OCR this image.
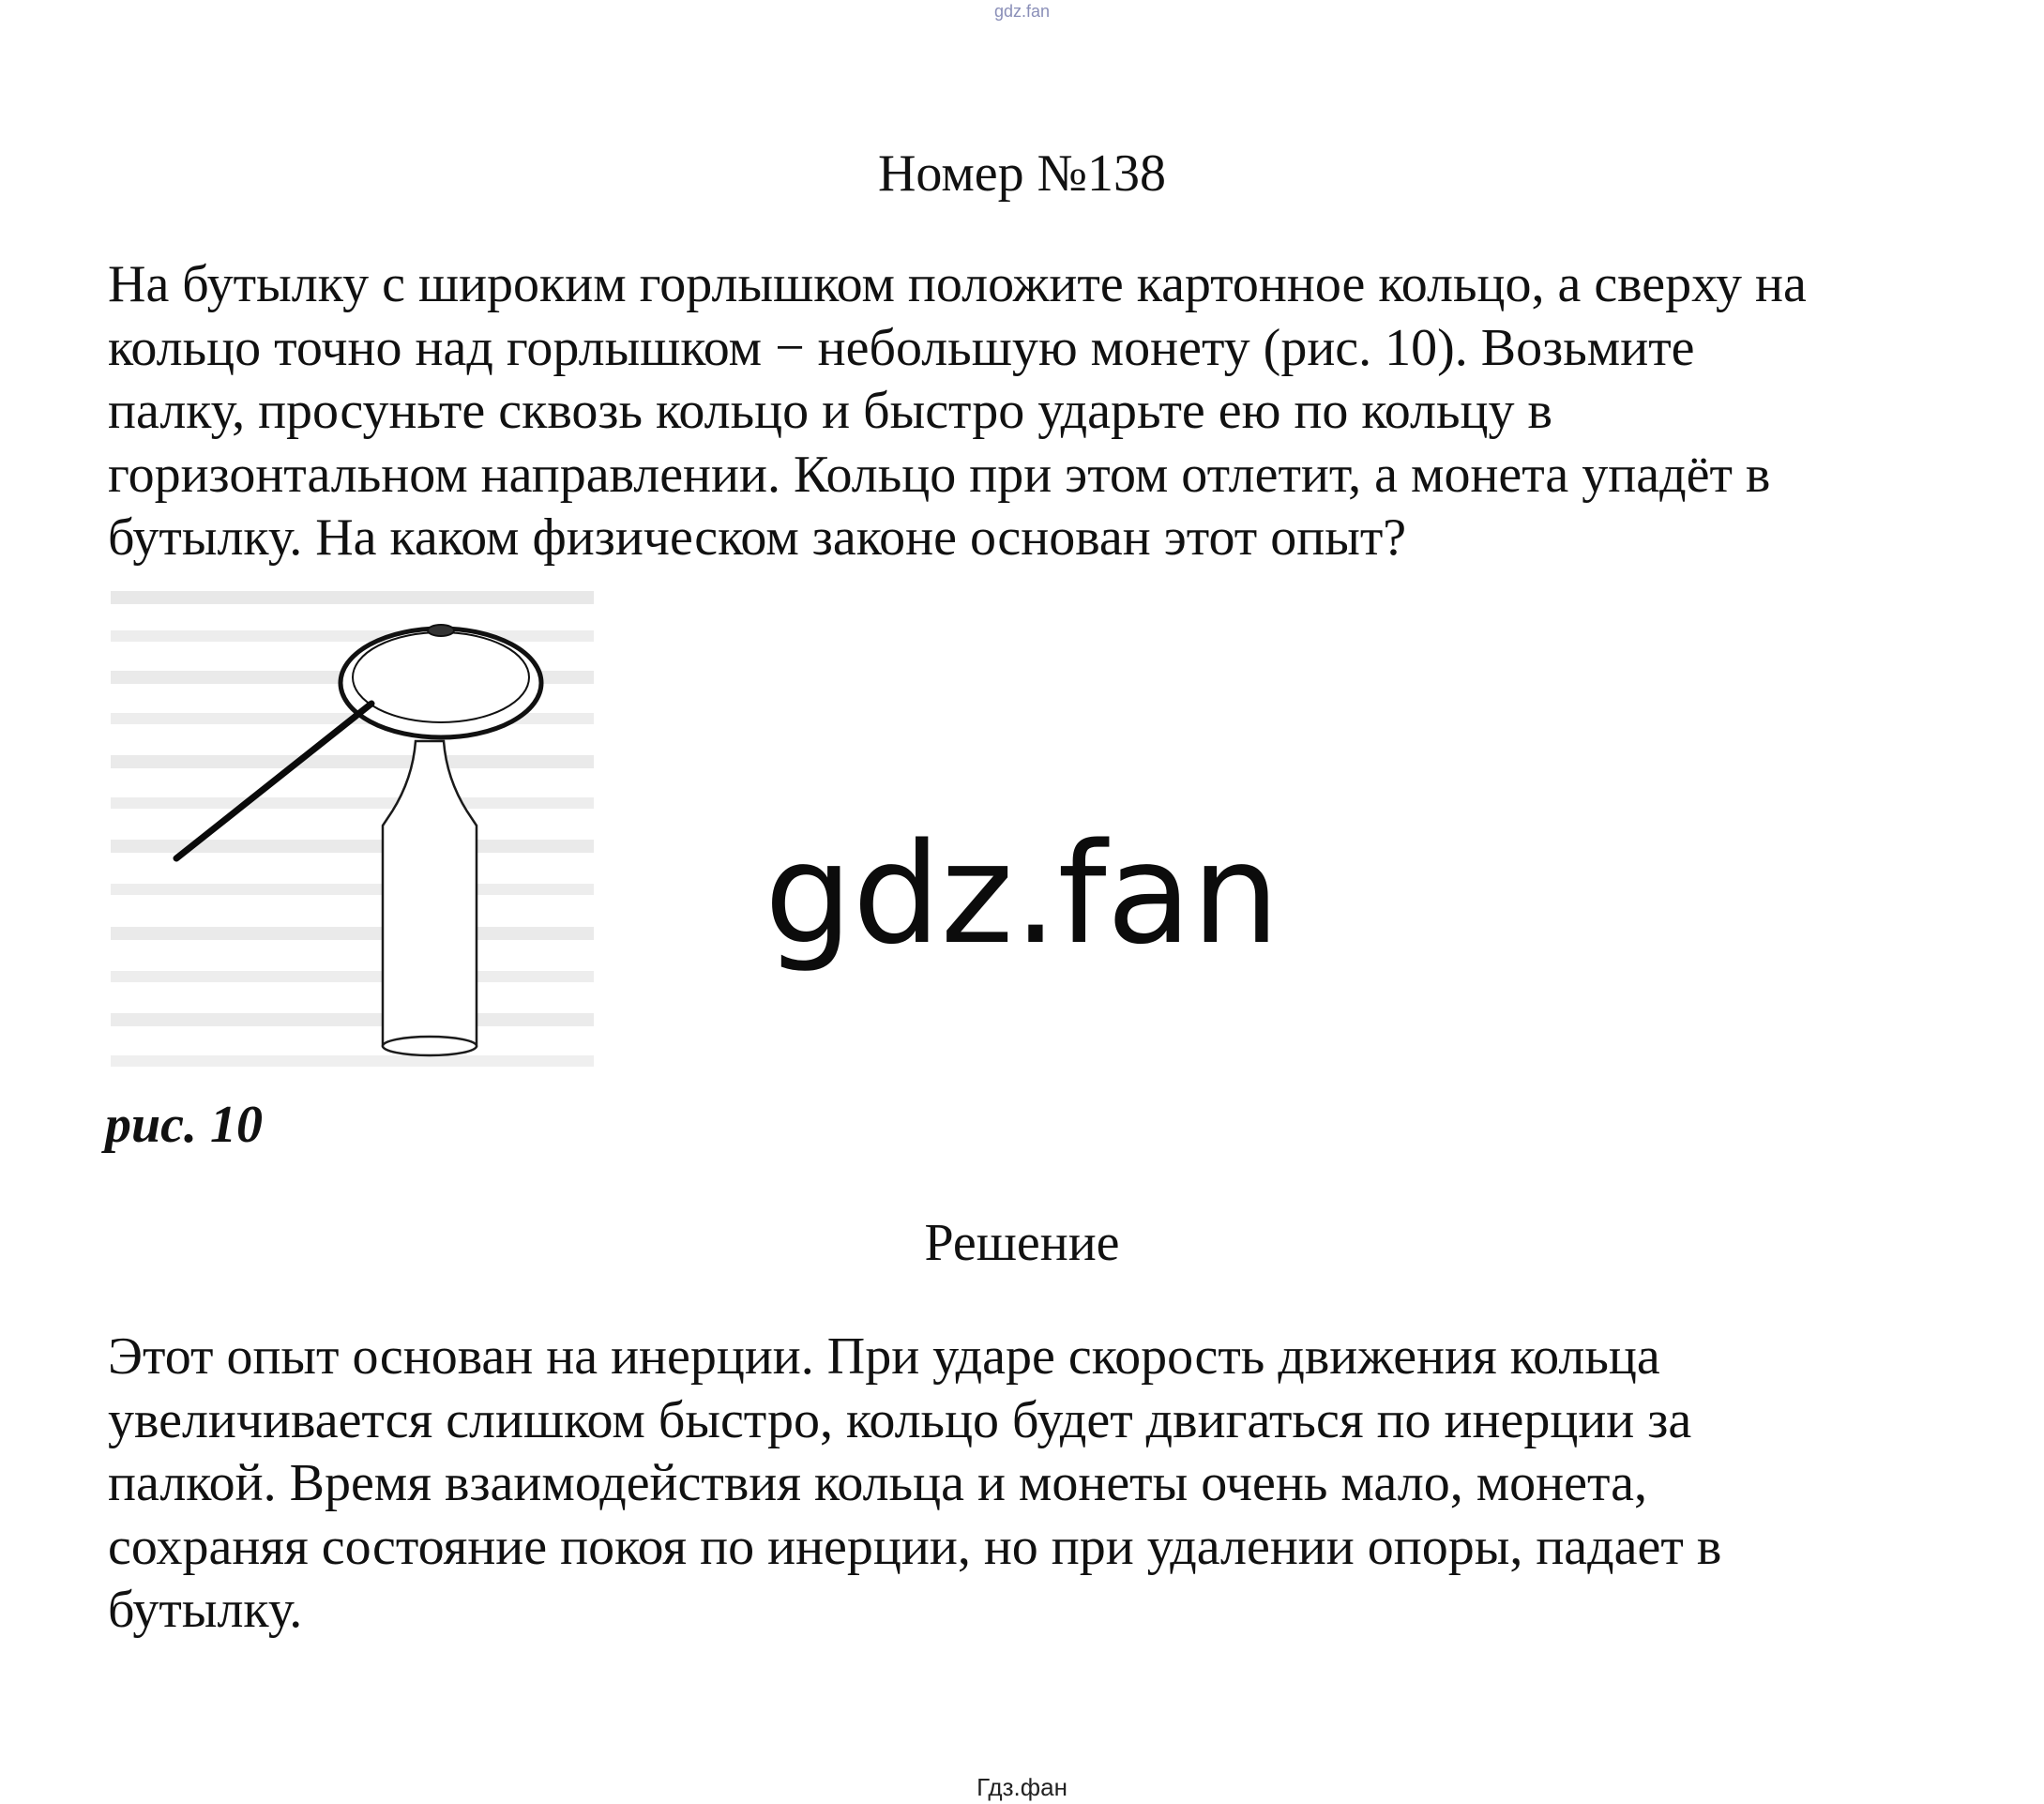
gdz.fan
Номер №138

На бутылку с широким горлышком положите картонное кольцо, а сверху на

кольцо точно над горлышком − небольшую монету (рис. 10). Возьмите

палку, просуньте сквозь кольцо и быстро ударьте ею по кольцу в

горизонтальном направлении. Кольцо при этом отлетит, а монета упадёт в

бутылку. На каком физическом законе основан этот опыт?

рис. 10
gdz.fan
Решение

Этот опыт основан на инерции. При ударе скорость движения кольца

увеличивается слишком быстро, кольцо будет двигаться по инерции за

палкой. Время взаимодействия кольца и монеты очень мало, монета,

сохраняя состояние покоя по инерции, но при удалении опоры, падает в

бутылку.

Гдз.фан
